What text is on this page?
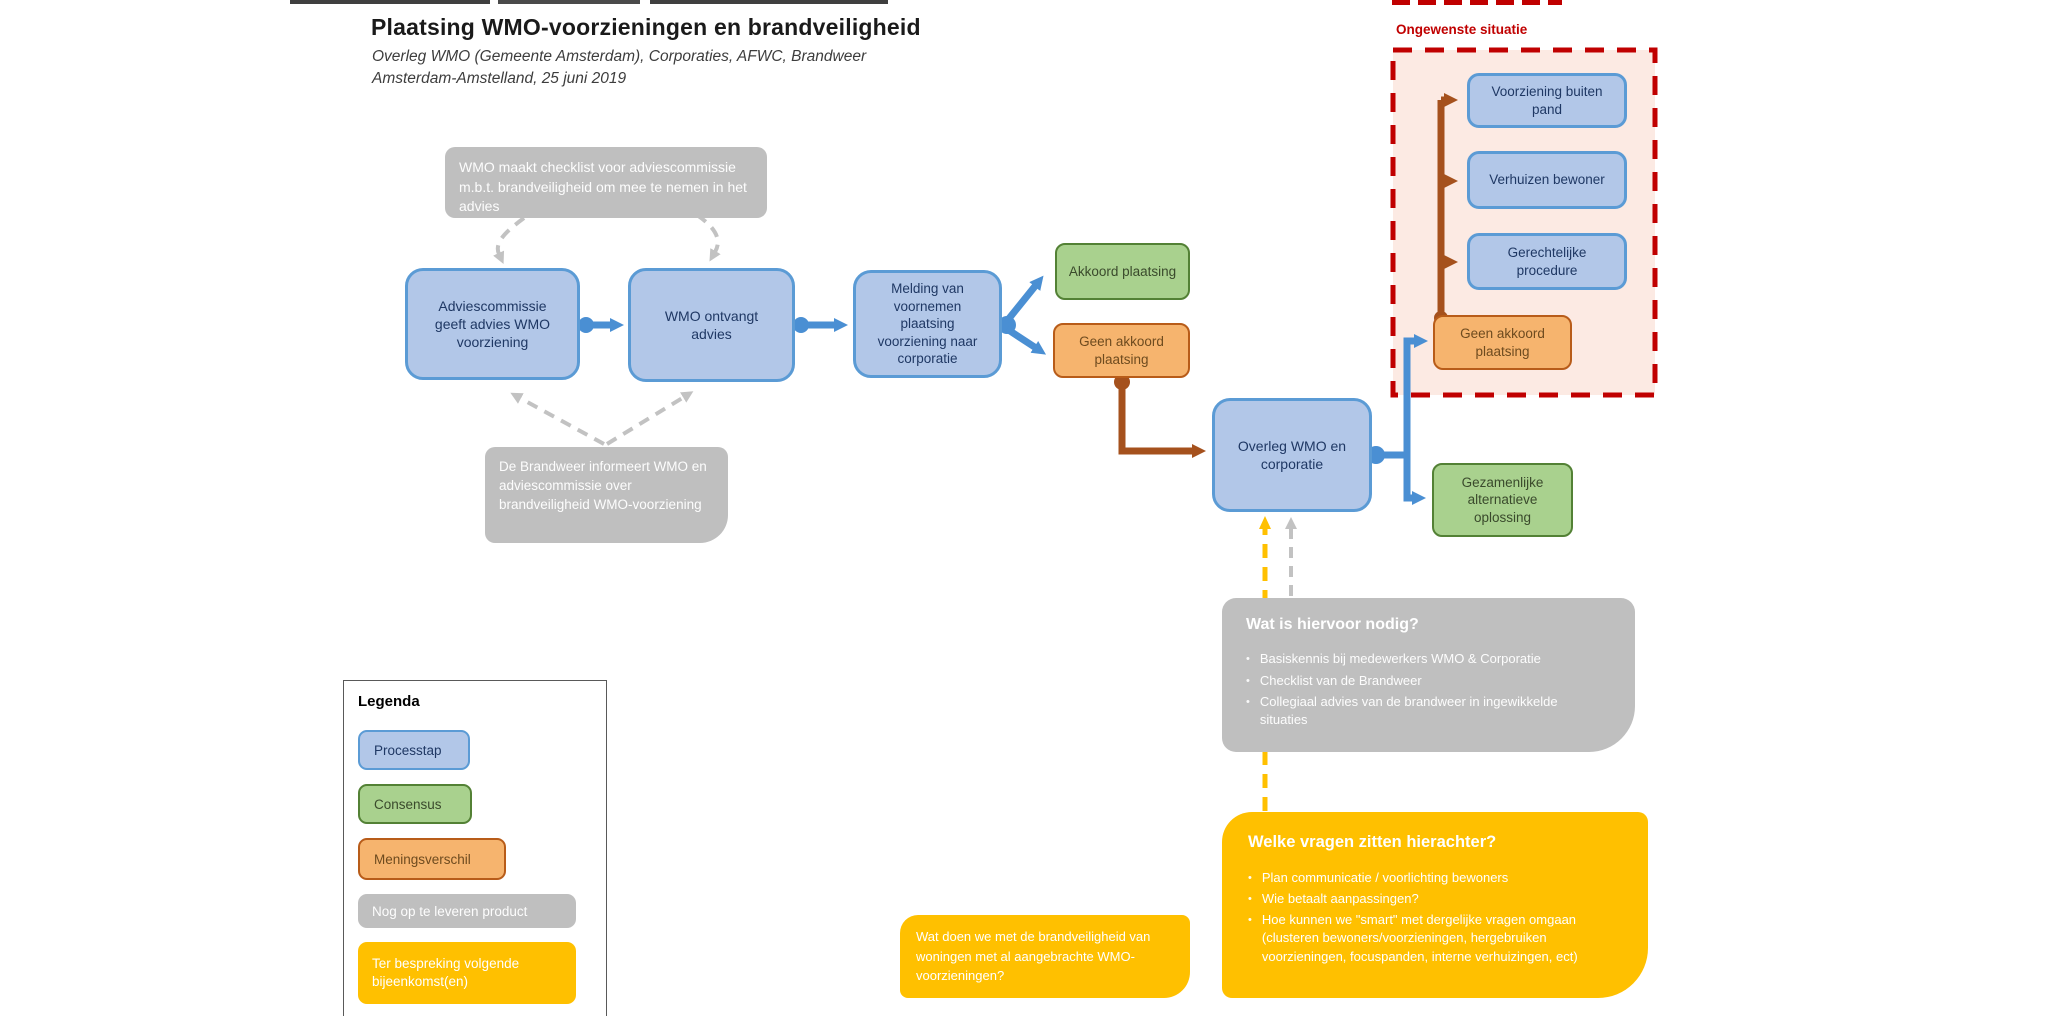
Plaatsing WMO-voorzieningen en brandveiligheid
Overleg WMO (Gemeente Amsterdam), Corporaties, AFWC, Brandweer
Amsterdam-Amstelland, 25 juni 2019
WMO maakt checklist voor adviescommissie m.b.t. brandveiligheid om mee te nemen in het advies
De Brandweer informeert WMO en adviescommissie over brandveiligheid WMO-voorziening
Adviescommissie geeft advies WMO voorziening
WMO ontvangt advies
Melding van voornemen plaatsing voorziening naar corporatie
Akkoord plaatsing
Geen akkoord plaatsing
Overleg WMO en corporatie
Gezamenlijke alternatieve oplossing
Ongewenste situatie
Voorziening buiten pand
Verhuizen bewoner
Gerechtelijke procedure
Geen akkoord plaatsing
Wat is hiervoor nodig?
• Basiskennis bij medewerkers WMO & Corporatie
• Checklist van de Brandweer
• Collegiaal advies van de brandweer in ingewikkelde situaties
Welke vragen zitten hierachter?
• Plan communicatie / voorlichting bewoners
• Wie betaalt aanpassingen?
• Hoe kunnen we "smart" met dergelijke vragen omgaan (clusteren bewoners/voorzieningen, hergebruiken voorzieningen, focuspanden, interne verhuizingen, ect)
Wat doen we met de brandveiligheid van woningen met al aangebrachte WMO-voorzieningen?
Legenda
Processtap
Consensus
Meningsverschil
Nog op te leveren product
Ter bespreking volgende bijeenkomst(en)
